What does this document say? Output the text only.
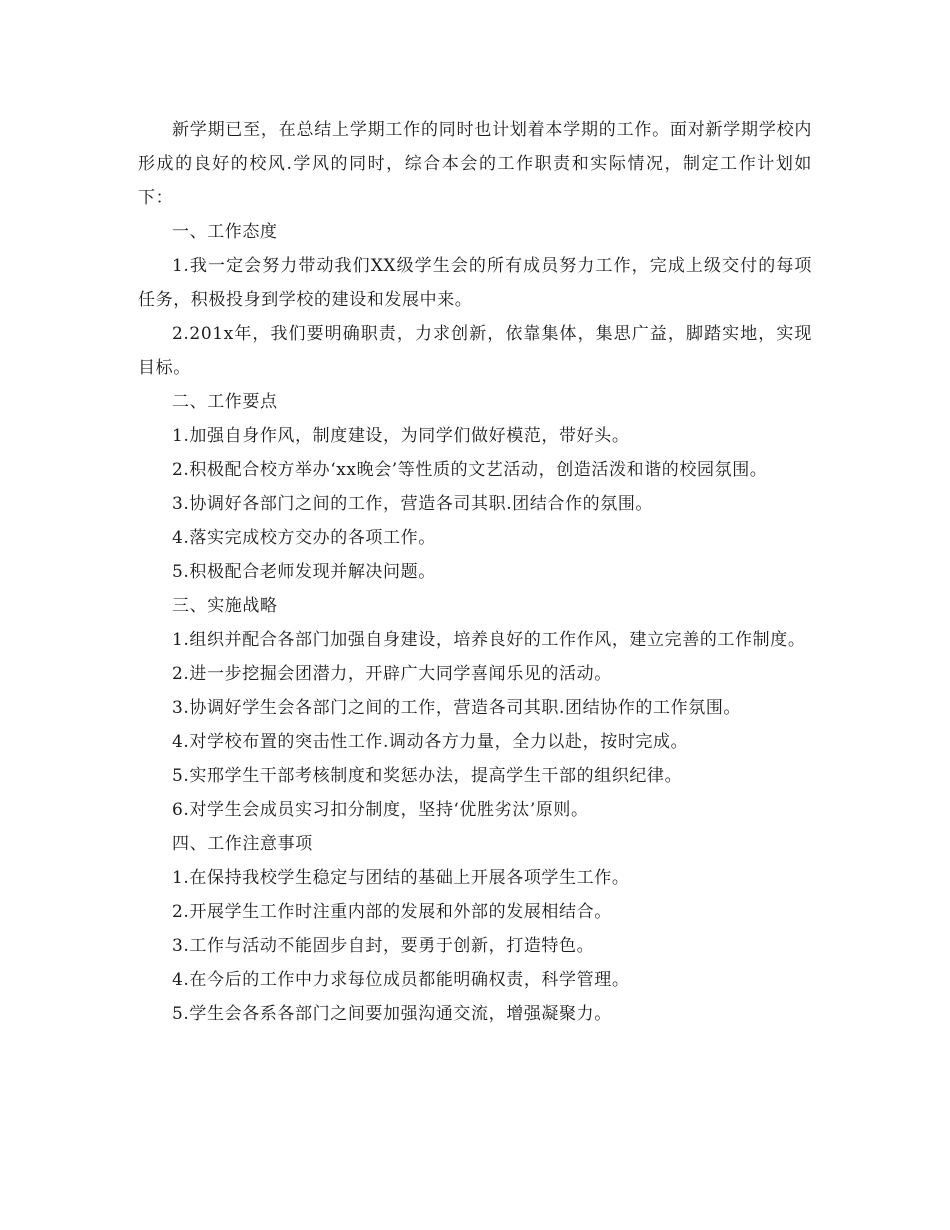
新学期已至，在总结上学期工作的同时也计划着本学期的工作。面对新学期学校内形成的良好的校风.学风的同时，综合本会的工作职责和实际情况，制定工作计划如下：

一、工作态度

1.我一定会努力带动我们XX级学生会的所有成员努力工作，完成上级交付的每项任务，积极投身到学校的建设和发展中来。

2.201x年，我们要明确职责，力求创新，依靠集体，集思广益，脚踏实地，实现目标。

二、工作要点

1.加强自身作风，制度建设，为同学们做好模范，带好头。

2.积极配合校方举办‘xx晚会’等性质的文艺活动，创造活泼和谐的校园氛围。

3.协调好各部门之间的工作，营造各司其职.团结合作的氛围。

4.落实完成校方交办的各项工作。

5.积极配合老师发现并解决问题。

三、实施战略

1.组织并配合各部门加强自身建设，培养良好的工作作风，建立完善的工作制度。

2.进一步挖掘会团潜力，开辟广大同学喜闻乐见的活动。

3.协调好学生会各部门之间的工作，营造各司其职.团结协作的工作氛围。

4.对学校布置的突击性工作.调动各方力量，全力以赴，按时完成。

5.实邢学生干部考核制度和奖惩办法，提高学生干部的组织纪律。

6.对学生会成员实习扣分制度，坚持‘优胜劣汰’原则。

四、工作注意事项

1.在保持我校学生稳定与团结的基础上开展各项学生工作。

2.开展学生工作时注重内部的发展和外部的发展相结合。

3.工作与活动不能固步自封，要勇于创新，打造特色。

4.在今后的工作中力求每位成员都能明确权责，科学管理。

5.学生会各系各部门之间要加强沟通交流，增强凝聚力。
